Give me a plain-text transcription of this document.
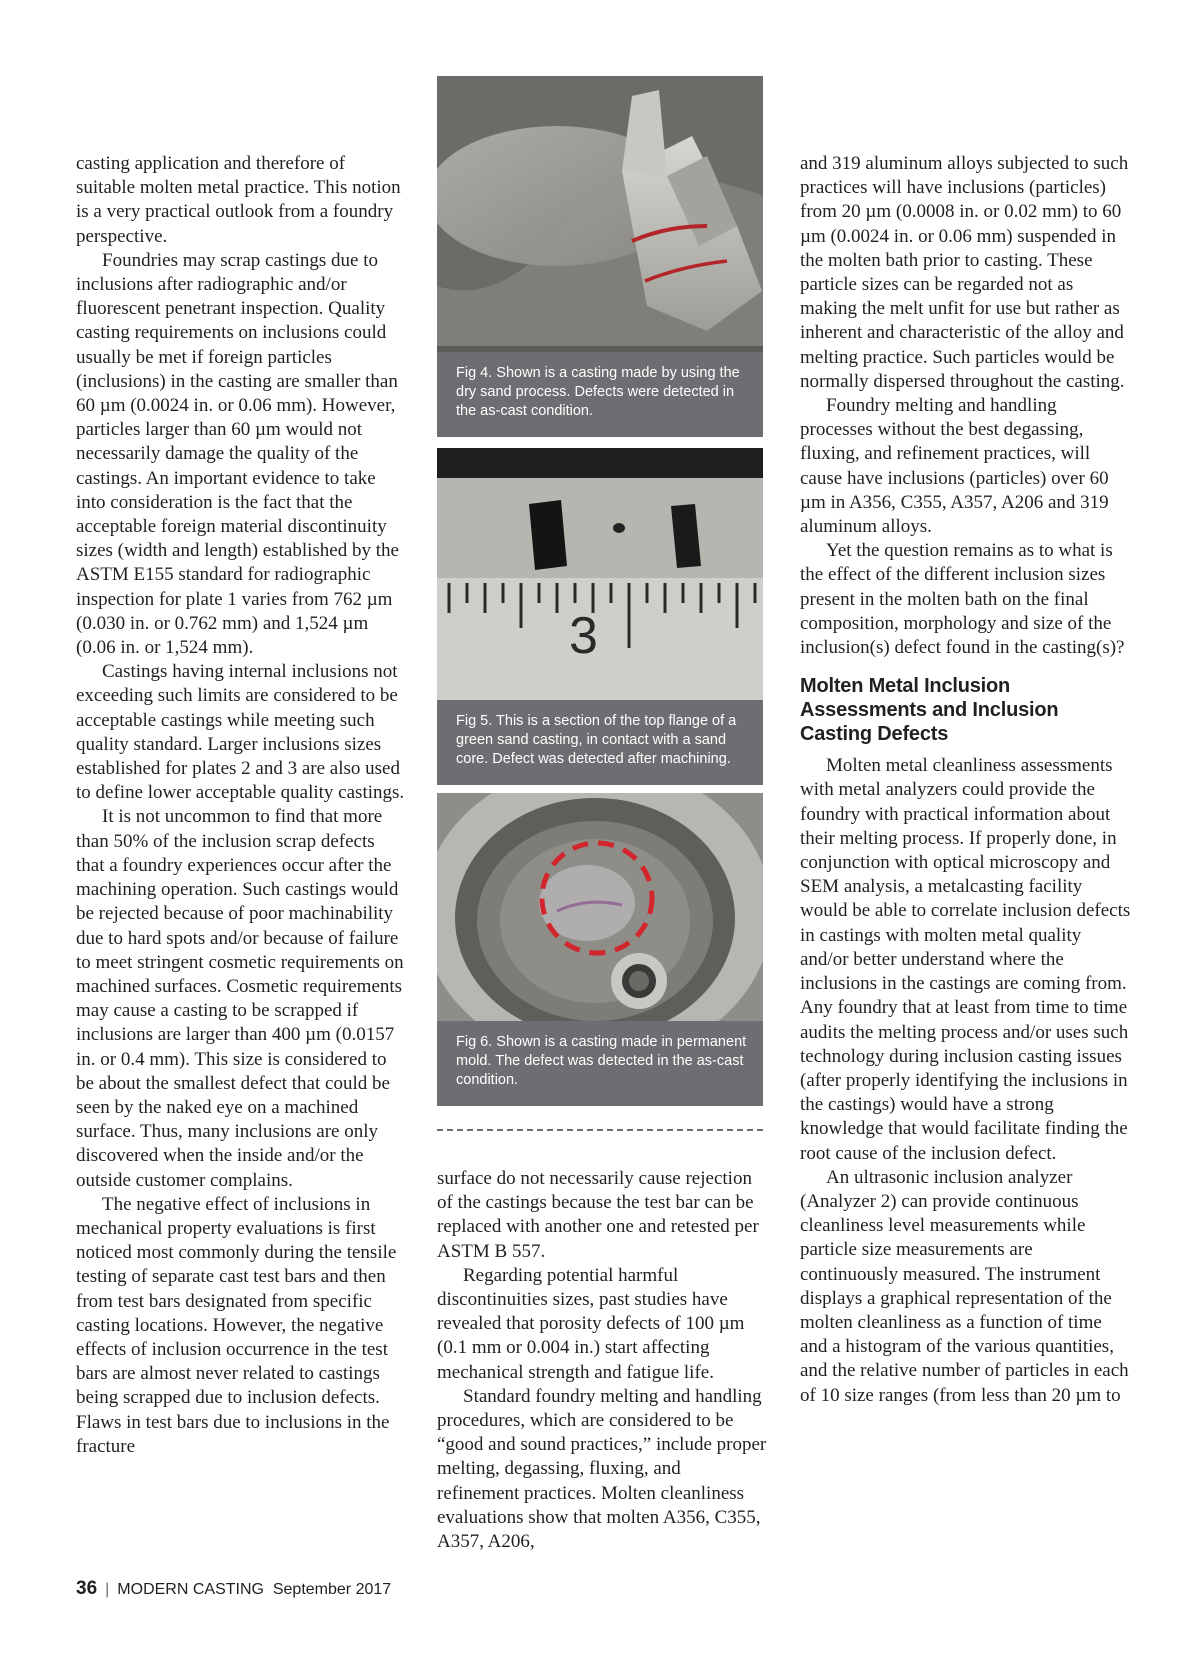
casting application and therefore of suitable molten metal practice. This notion is a very practical outlook from a foundry perspective.

Foundries may scrap castings due to inclusions after radiographic and/or fluorescent penetrant inspection. Quality casting requirements on inclusions could usually be met if foreign particles (inclusions) in the casting are smaller than 60 µm (0.0024 in. or 0.06 mm). However, particles larger than 60 µm would not necessarily damage the quality of the castings. An important evidence to take into consideration is the fact that the acceptable foreign material discontinuity sizes (width and length) established by the ASTM E155 standard for radiographic inspection for plate 1 varies from 762 µm (0.030 in. or 0.762 mm) and 1,524 µm (0.06 in. or 1,524 mm).

Castings having internal inclusions not exceeding such limits are considered to be acceptable castings while meeting such quality standard. Larger inclusions sizes established for plates 2 and 3 are also used to define lower acceptable quality castings.

It is not uncommon to find that more than 50% of the inclusion scrap defects that a foundry experiences occur after the machining operation. Such castings would be rejected because of poor machinability due to hard spots and/or because of failure to meet stringent cosmetic requirements on machined surfaces. Cosmetic requirements may cause a casting to be scrapped if inclusions are larger than 400 µm (0.0157 in. or 0.4 mm). This size is considered to be about the smallest defect that could be seen by the naked eye on a machined surface. Thus, many inclusions are only discovered when the inside and/or the outside customer complains.

The negative effect of inclusions in mechanical property evaluations is first noticed most commonly during the tensile testing of separate cast test bars and then from test bars designated from specific casting locations. However, the negative effects of inclusion occurrence in the test bars are almost never related to castings being scrapped due to inclusion defects. Flaws in test bars due to inclusions in the fracture

Fig 4. Shown is a casting made by using the dry sand process. Defects were detected in the as-cast condition.
3
Fig 5. This is a section of the top flange of a green sand casting, in contact with a sand core. Defect was detected after machining.
Fig 6. Shown is a casting made in permanent mold. The defect was detected in the as-cast condition.

surface do not necessarily cause rejection of the castings because the test bar can be replaced with another one and retested per ASTM B 557.

Regarding potential harmful discontinuities sizes, past studies have revealed that porosity defects of 100 µm (0.1 mm or 0.004 in.) start affecting mechanical strength and fatigue life.

Standard foundry melting and handling procedures, which are considered to be “good and sound practices,” include proper melting, degassing, fluxing, and refinement practices. Molten cleanliness evaluations show that molten A356, C355, A357, A206,

and 319 aluminum alloys subjected to such practices will have inclusions (particles) from 20 µm (0.0008 in. or 0.02 mm) to 60 µm (0.0024 in. or 0.06 mm) suspended in the molten bath prior to casting. These particle sizes can be regarded not as making the melt unfit for use but rather as inherent and characteristic of the alloy and melting practice. Such particles would be normally dispersed throughout the casting.

Foundry melting and handling processes without the best degassing, fluxing, and refinement practices, will cause have inclusions (particles) over 60 µm in A356, C355, A357, A206 and 319 aluminum alloys.

Yet the question remains as to what is the effect of the different inclusion sizes present in the molten bath on the final composition, morphology and size of the inclusion(s) defect found in the casting(s)?

Molten Metal Inclusion Assessments and Inclusion Casting Defects

Molten metal cleanliness assessments with metal analyzers could provide the foundry with practical information about their melting process. If properly done, in conjunction with optical microscopy and SEM analysis, a metalcasting facility would be able to correlate inclusion defects in castings with molten metal quality and/or better understand where the inclusions in the castings are coming from. Any foundry that at least from time to time audits the melting process and/or uses such technology during inclusion casting issues (after properly identifying the inclusions in the castings) would have a strong knowledge that would facilitate finding the root cause of the inclusion defect.

An ultrasonic inclusion analyzer (Analyzer 2) can provide continuous cleanliness level measurements while particle size measurements are continuously measured. The instrument displays a graphical representation of the molten cleanliness as a function of time and a histogram of the various quantities, and the relative number of particles in each of 10 size ranges (from less than 20 µm to

36 | MODERN CASTING September 2017
